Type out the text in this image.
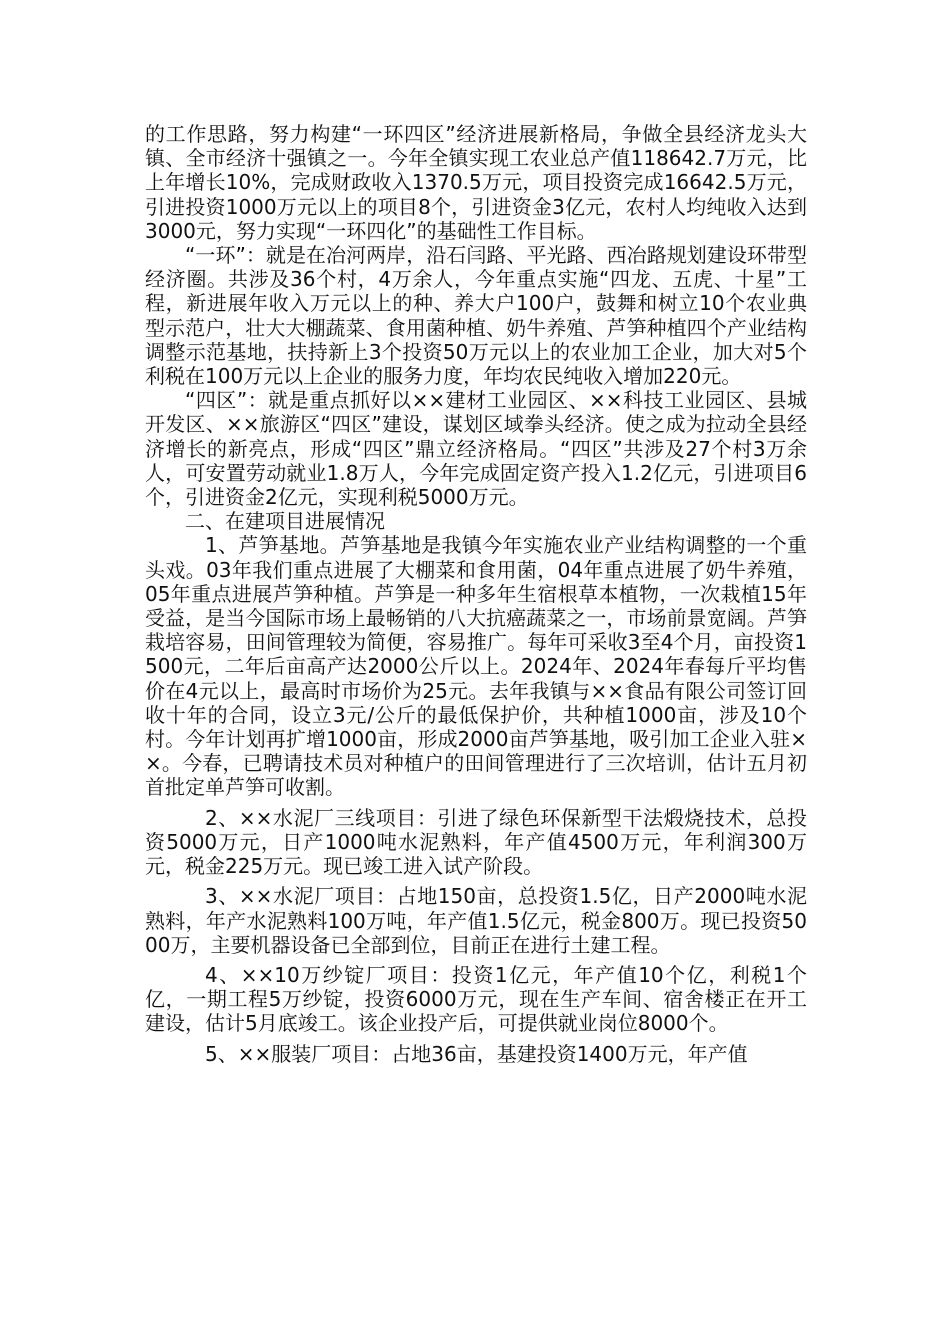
的工作思路，努力构建“一环四区”经济进展新格局，争做全县经济龙头大镇、全市经济十强镇之一。今年全镇实现工农业总产值118642.7万元，比上年增长10%，完成财政收入1370.5万元，项目投资完成16642.5万元，引进投资1000万元以上的项目8个，引进资金3亿元，农村人均纯收入达到3000元，努力实现“一环四化”的基础性工作目标。

“一环”：就是在冶河两岸，沿石闫路、平光路、西冶路规划建设环带型经济圈。共涉及36个村，4万余人，今年重点实施“四龙、五虎、十星”工程，新进展年收入万元以上的种、养大户100户，鼓舞和树立10个农业典型示范户，壮大大棚蔬菜、食用菌种植、奶牛养殖、芦笋种植四个产业结构调整示范基地，扶持新上3个投资50万元以上的农业加工企业，加大对5个利税在100万元以上企业的服务力度，年均农民纯收入增加220元。

“四区”：就是重点抓好以××建材工业园区、××科技工业园区、县城开发区、××旅游区“四区”建设，谋划区域拳头经济。使之成为拉动全县经济增长的新亮点，形成“四区”鼎立经济格局。“四区”共涉及27个村3万余人，可安置劳动就业1.8万人，今年完成固定资产投入1.2亿元，引进项目6个，引进资金2亿元，实现利税5000万元。

二、在建项目进展情况

1、芦笋基地。芦笋基地是我镇今年实施农业产业结构调整的一个重头戏。03年我们重点进展了大棚菜和食用菌，04年重点进展了奶牛养殖，05年重点进展芦笋种植。芦笋是一种多年生宿根草本植物，一次栽植15年受益，是当今国际市场上最畅销的八大抗癌蔬菜之一，市场前景宽阔。芦笋栽培容易，田间管理较为简便，容易推广。每年可采收3至4个月，亩投资1500元，二年后亩高产达2000公斤以上。2024年、2024年春每斤平均售价在4元以上，最高时市场价为25元。去年我镇与××食品有限公司签订回收十年的合同，设立3元/公斤的最低保护价，共种植1000亩，涉及10个村。今年计划再扩增1000亩，形成2000亩芦笋基地，吸引加工企业入驻××。今春，已聘请技术员对种植户的田间管理进行了三次培训，估计五月初首批定单芦笋可收割。

2、××水泥厂三线项目：引进了绿色环保新型干法煅烧技术，总投资5000万元，日产1000吨水泥熟料，年产值4500万元，年利润300万元，税金225万元。现已竣工进入试产阶段。

3、××水泥厂项目：占地150亩，总投资1.5亿，日产2000吨水泥熟料，年产水泥熟料100万吨，年产值1.5亿元，税金800万。现已投资5000万，主要机器设备已全部到位，目前正在进行土建工程。

4、××10万纱锭厂项目：投资1亿元，年产值10个亿，利税1个亿，一期工程5万纱锭，投资6000万元，现在生产车间、宿舍楼正在开工建设，估计5月底竣工。该企业投产后，可提供就业岗位8000个。

5、××服装厂项目：占地36亩，基建投资1400万元，年产值
